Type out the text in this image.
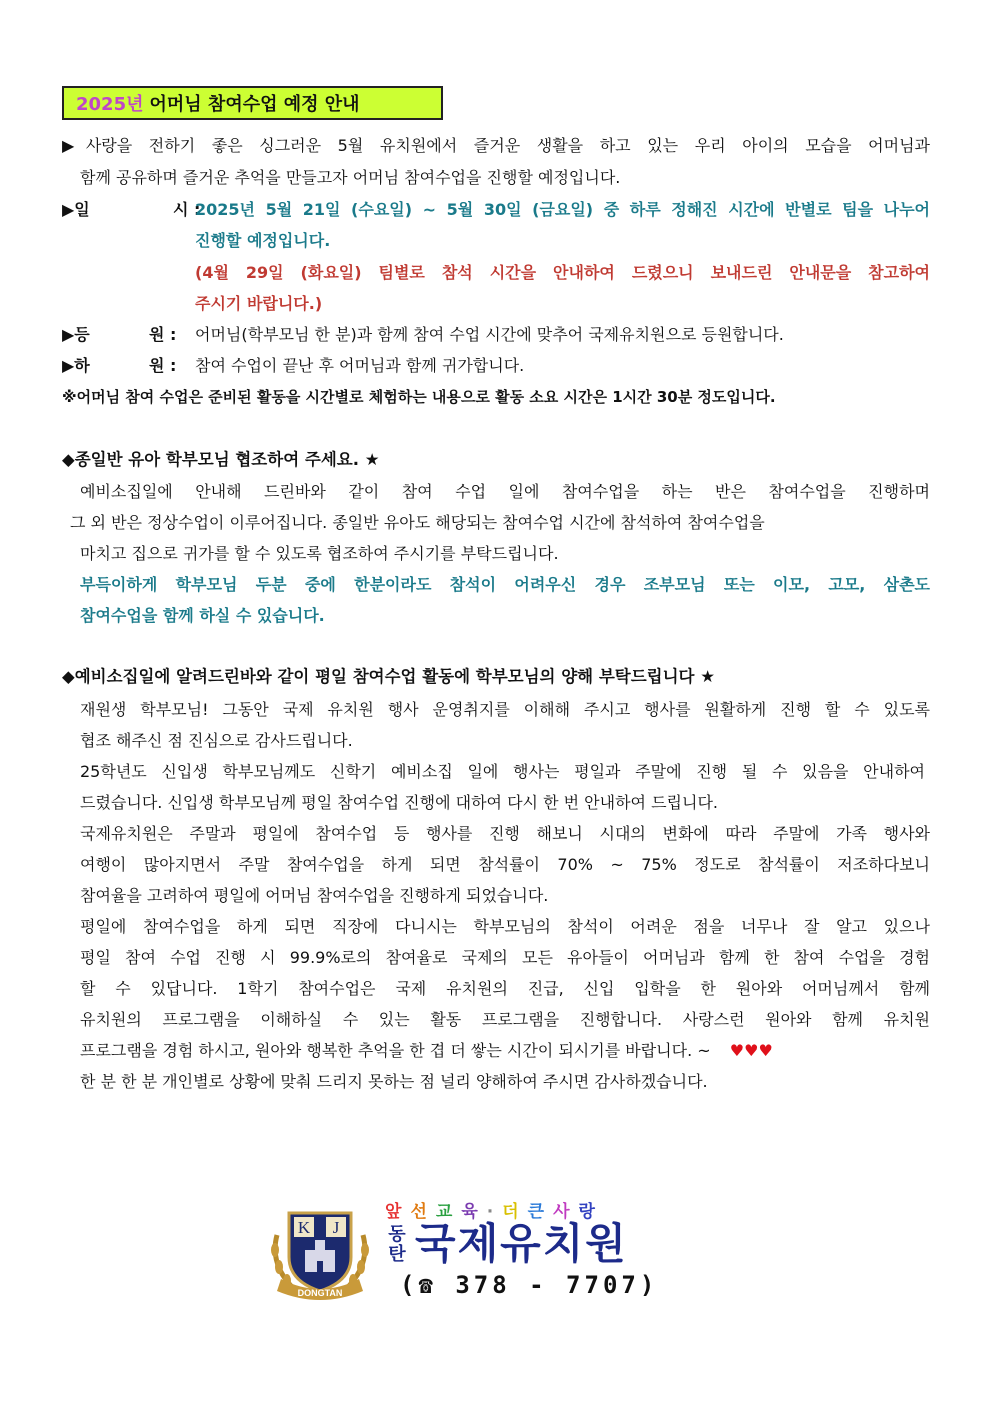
2025년 어머님 참여수업 예정 안내
▶사랑을 전하기 좋은 싱그러운 5월 유치원에서 즐거운 생활을 하고 있는 우리 아이의 모습을 어머님과
함께 공유하며 즐거운 추억을 만들고자 어머님 참여수업을 진행할 예정입니다.
▶일	시 :
2025년 5월 21일 (수요일) ~ 5월 30일 (금요일) 중 하루 정해진 시간에 반별로 팀을 나누어
진행할 예정입니다.
(4월 29일 (화요일) 팀별로 참석 시간을 안내하여 드렸으니 보내드린 안내문을 참고하여
주시기 바랍니다.)
▶등	원 : 어머님(학부모님 한 분)과 함께 참여 수업 시간에 맞추어 국제유치원으로 등원합니다.
▶하	원 : 참여 수업이 끝난 후 어머님과 함께 귀가합니다.
※어머님 참여 수업은 준비된 활동을 시간별로 체험하는 내용으로 활동 소요 시간은 1시간 30분 정도입니다.
◆종일반 유아 학부모님 협조하여 주세요. ★
예비소집일에 안내해 드린바와 같이 참여 수업 일에 참여수업을 하는 반은 참여수업을 진행하며
그 외 반은 정상수업이 이루어집니다. 종일반 유아도 해당되는 참여수업 시간에 참석하여 참여수업을
마치고 집으로 귀가를 할 수 있도록 협조하여 주시기를 부탁드립니다.
부득이하게 학부모님 두분 중에 한분이라도 참석이 어려우신 경우 조부모님 또는 이모, 고모, 삼촌도
참여수업을 함께 하실 수 있습니다.
◆예비소집일에 알려드린바와 같이 평일 참여수업 활동에 학부모님의 양해 부탁드립니다 ★
재원생 학부모님! 그동안 국제 유치원 행사 운영취지를 이해해 주시고 행사를 원활하게 진행 할 수 있도록
협조 해주신 점 진심으로 감사드립니다.
25학년도 신입생 학부모님께도 신학기 예비소집 일에 행사는 평일과 주말에 진행 될 수 있음을 안내하여
드렸습니다. 신입생 학부모님께 평일 참여수업 진행에 대하여 다시 한 번 안내하여 드립니다.
국제유치원은 주말과 평일에 참여수업 등 행사를 진행 해보니 시대의 변화에 따라 주말에 가족 행사와
여행이 많아지면서 주말 참여수업을 하게 되면 참석률이 70% ~ 75% 정도로 참석률이 저조하다보니
참여율을 고려하여 평일에 어머님 참여수업을 진행하게 되었습니다.
평일에 참여수업을 하게 되면 직장에 다니시는 학부모님의 참석이 어려운 점을 너무나 잘 알고 있으나
평일 참여 수업 진행 시 99.9%로의 참여율로 국제의 모든 유아들이 어머님과 함께 한 참여 수업을 경험
할 수 있답니다. 1학기 참여수업은 국제 유치원의 진급, 신입 입학을 한 원아와 어머님께서 함께
유치원의 프로그램을 이해하실 수 있는 활동 프로그램을 진행합니다. 사랑스런 원아와 함께 유치원
프로그램을 경험 하시고, 원아와 행복한 추억을 한 겹 더 쌓는 시간이 되시기를 바랍니다. ~ ♥♥♥
한 분 한 분 개인별로 상황에 맞춰 드리지 못하는 점 널리 양해하여 주시면 감사하겠습니다.
K J
DONGTAN
앞선교육·더큰사랑
동
탄 국제유치원
(☎ 378 - 7707)
